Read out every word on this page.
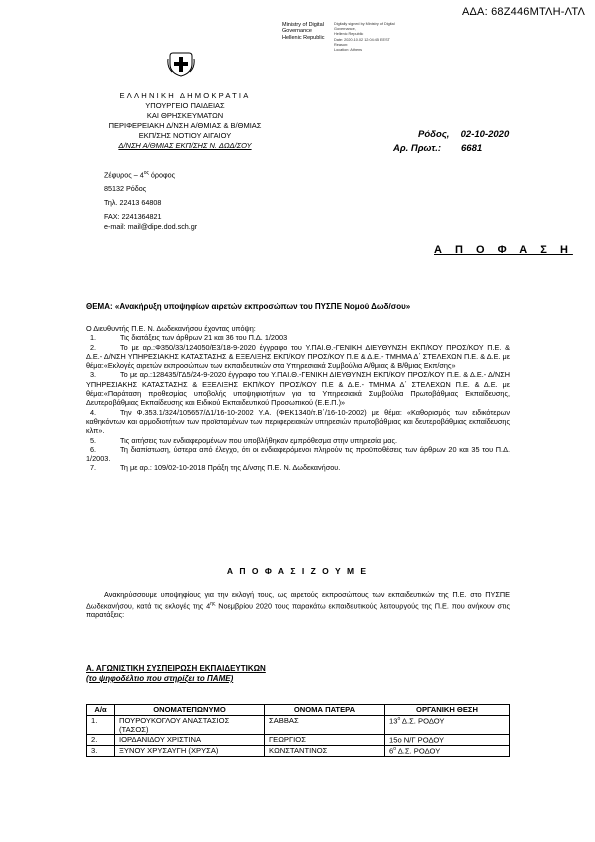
ΑΔΑ: 68Ζ446ΜΤΛΗ-ΛΤΛ
Ministry of Digital
Governance
Hellenic Republic
Digitally signed by Ministry of Digital Governance,
Hellenic Republic
Date: 2020.10.02 12:04:45 EEST
Reason:
Location: Athens
ΕΛΛΗΝΙΚΗ ΔΗΜΟΚΡΑΤΙΑ
ΥΠΟΥΡΓΕΙΟ ΠΑΙΔΕΙΑΣ
ΚΑΙ ΘΡΗΣΚΕΥΜΑΤΩΝ
ΠΕΡΙΦΕΡΕΙΑΚΗ Δ/ΝΣΗ Α/ΘΜΙΑΣ & Β/ΘΜΙΑΣ
ΕΚΠ/ΣΗΣ ΝΟΤΙΟΥ ΑΙΓΑΙΟΥ
Δ/ΝΣΗ Α/ΘΜΙΑΣ ΕΚΠ/ΣΗΣ Ν. ΔΩΔ/ΣΟΥ
Ζέφυρος – $4^{o\varsigma}$ όροφος
85132 Ρόδος
Τηλ. 22413 64808
FAX: 2241364821
e-mail: mail@dipe.dod.sch.gr
Ρόδος, 02-10-2020
Αρ. Πρωτ.: 6681
Α Π Ο Φ Α Σ Η
ΘΕΜΑ: «Ανακήρυξη υποψηφίων αιρετών εκπροσώπων του ΠΥΣΠΕ Νομού Δωδ/σου»

Ο Διευθυντής Π.Ε. Ν. Δωδεκανήσου έχοντας υπόψη:

1.	Τις διατάξεις των άρθρων 21 και 36 του Π.Δ. 1/2003

2.	Το με αρ.:Φ350/33/124050/Ε3/18-9-2020 έγγραφο του Υ.ΠΑΙ.Θ.-ΓΕΝΙΚΗ ΔΙΕΥΘΥΝΣΗ ΕΚΠ/ΚΟΥ ΠΡΟΣ/ΚΟΥ Π.Ε. & Δ.Ε.- Δ/ΝΣΗ ΥΠΗΡΕΣΙΑΚΗΣ ΚΑΤΑΣΤΑΣΗΣ & ΕΞΕΛΙΞΗΣ ΕΚΠ/ΚΟΥ ΠΡΟΣ/ΚΟΥ Π.Ε & Δ.Ε.- ΤΜΗΜΑ Δ΄ ΣΤΕΛΕΧΩΝ Π.Ε. & Δ.Ε. με θέμα:«Εκλογές αιρετών εκπροσώπων των εκπαιδευτικών στα Υπηρεσιακά Συμβούλια Α/θμιας & Β/θμιας Εκπ/σης»

3.	Το με αρ.:128435/ΓΔ5/24-9-2020 έγγραφο του Υ.ΠΑΙ.Θ.-ΓΕΝΙΚΗ ΔΙΕΥΘΥΝΣΗ ΕΚΠ/ΚΟΥ ΠΡΟΣ/ΚΟΥ Π.Ε. & Δ.Ε.- Δ/ΝΣΗ ΥΠΗΡΕΣΙΑΚΗΣ ΚΑΤΑΣΤΑΣΗΣ & ΕΞΕΛΙΞΗΣ ΕΚΠ/ΚΟΥ ΠΡΟΣ/ΚΟΥ Π.Ε & Δ.Ε.- ΤΜΗΜΑ Δ΄ ΣΤΕΛΕΧΩΝ Π.Ε. & Δ.Ε. με θέμα:«Παράταση προθεσμίας υποβολής υποψηφιοτήτων για τα Υπηρεσιακά Συμβούλια Πρωτοβάθμιας Εκπαίδευσης, Δευτεροβάθμιας Εκπαίδευσης και Ειδικού Εκπαιδευτικού Προσωπικού (Ε.Ε.Π.)»

4.	Την Φ.353.1/324/105657/Δ1/16-10-2002 Υ.Α. (ΦΕΚ1340/τ.Β΄/16-10-2002) με θέμα: «Καθορισμός των ειδικότερων καθηκόντων και αρμοδιοτήτων των προϊσταμένων των περιφερειακών υπηρεσιών πρωτοβάθμιας και δευτεροβάθμιας εκπαίδευσης κλπ».

5.	Τις αιτήσεις των ενδιαφερομένων που υποβλήθηκαν εμπρόθεσμα στην υπηρεσία μας.

6.	Τη διαπίστωση, ύστερα από έλεγχο, ότι οι ενδιαφερόμενοι πληρούν τις προϋποθέσεις των άρθρων 20 και 35 του Π.Δ. 1/2003.

7.	Τη με αρ.: 109/02-10-2018 Πράξη της Δ/νσης Π.Ε. Ν. Δωδεκανήσου.

Α Π Ο Φ Α Σ Ι Ζ Ο Υ Μ Ε
Ανακηρύσσουμε υποψηφίους για την εκλογή τους, ως αιρετούς εκπροσώπους των εκπαιδευτικών της Π.Ε. στο ΠΥΣΠΕ Δωδεκανήσου, κατά τις εκλογές της $4^{\eta\varsigma}$ Νοεμβρίου 2020 τους παρακάτω εκπαιδευτικούς λειτουργούς της Π.Ε. που ανήκουν στις παρατάξεις:
Α. ΑΓΩΝΙΣΤΙΚΗ ΣΥΣΠΕΙΡΩΣΗ ΕΚΠΑΙΔΕΥΤΙΚΩΝ
(το ψηφοδέλτιο που στηρίζει το ΠΑΜΕ)
Α/α	ΟΝΟΜΑΤΕΠΩΝΥΜΟ	ΟΝΟΜΑ ΠΑΤΕΡΑ	ΟΡΓΑΝΙΚΗ ΘΕΣΗ
1.	ΠΟΥΡΟΥΚΟΓΛΟΥ ΑΝΑΣΤΑΣΙΟΣ (ΤΑΣΟΣ)	ΣΑΒΒΑΣ	$13^o$ Δ.Σ. ΡΟΔΟΥ
2.	ΙΟΡΔΑΝΙΔΟΥ ΧΡΙΣΤΙΝΑ	ΓΕΩΡΓΙΟΣ	15ο Ν/Γ ΡΟΔΟΥ
3.	ΞΥΝΟΥ ΧΡΥΣΑΥΓΗ (ΧΡΥΣΑ)	ΚΩΝΣΤΑΝΤΙΝΟΣ	$6^o$ Δ.Σ. ΡΟΔΟΥ
